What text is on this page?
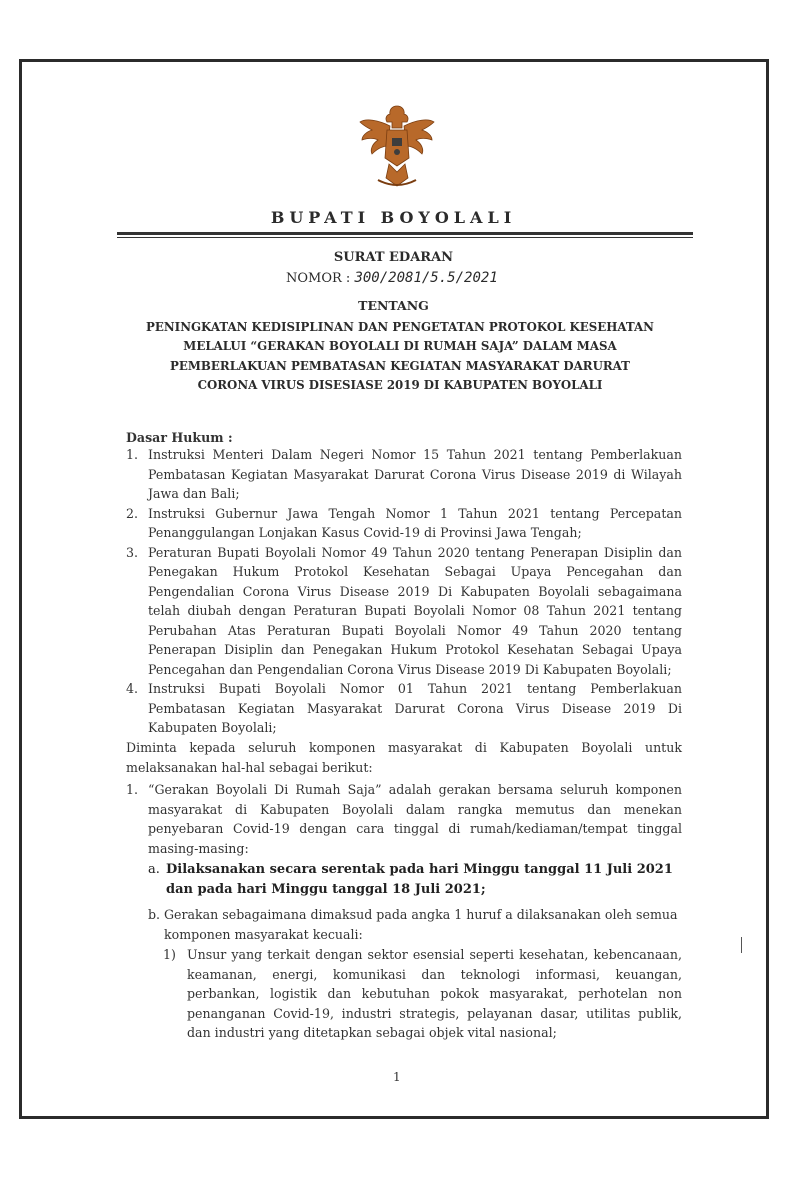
BUPATI BOYOLALI
SURAT EDARAN
NOMOR : 300/2081/5.5/2021
TENTANG
PENINGKATAN KEDISIPLINAN DAN PENGETATAN PROTOKOL KESEHATAN
MELALUI “GERAKAN BOYOLALI DI RUMAH SAJA” DALAM MASA
PEMBERLAKUAN PEMBATASAN KEGIATAN MASYARAKAT DARURAT
CORONA VIRUS DISESIASE 2019 DI KABUPATEN BOYOLALI
Dasar Hukum :
1. Instruksi Menteri Dalam Negeri Nomor 15 Tahun 2021 tentang Pemberlakuan Pembatasan Kegiatan Masyarakat Darurat Corona Virus Disease 2019 di Wilayah Jawa dan Bali;
2. Instruksi Gubernur Jawa Tengah Nomor 1 Tahun 2021 tentang Percepatan Penanggulangan Lonjakan Kasus Covid-19 di Provinsi Jawa Tengah;
3. Peraturan Bupati Boyolali Nomor 49 Tahun 2020 tentang Penerapan Disiplin dan Penegakan Hukum Protokol Kesehatan Sebagai Upaya Pencegahan dan Pengendalian Corona Virus Disease 2019 Di Kabupaten Boyolali sebagaimana telah diubah dengan Peraturan Bupati Boyolali Nomor 08 Tahun 2021 tentang Perubahan Atas Peraturan Bupati Boyolali Nomor 49 Tahun 2020 tentang Penerapan Disiplin dan Penegakan Hukum Protokol Kesehatan Sebagai Upaya Pencegahan dan Pengendalian Corona Virus Disease 2019 Di Kabupaten Boyolali;
4. Instruksi Bupati Boyolali Nomor 01 Tahun 2021 tentang Pemberlakuan Pembatasan Kegiatan Masyarakat Darurat Corona Virus Disease 2019 Di Kabupaten Boyolali;
Diminta kepada seluruh komponen masyarakat di Kabupaten Boyolali untuk melaksanakan hal-hal sebagai berikut:
1. “Gerakan Boyolali Di Rumah Saja” adalah gerakan bersama seluruh komponen masyarakat di Kabupaten Boyolali dalam rangka memutus dan menekan penyebaran Covid-19 dengan cara tinggal di rumah/kediaman/tempat tinggal masing-masing:
a. Dilaksanakan secara serentak pada hari Minggu tanggal 11 Juli 2021 dan pada hari Minggu tanggal 18 Juli 2021;
b. Gerakan sebagaimana dimaksud pada angka 1 huruf a dilaksanakan oleh semua komponen masyarakat kecuali:
1) Unsur yang terkait dengan sektor esensial seperti kesehatan, kebencanaan, keamanan, energi, komunikasi dan teknologi informasi, keuangan, perbankan, logistik dan kebutuhan pokok masyarakat, perhotelan non penanganan Covid-19, industri strategis, pelayanan dasar, utilitas publik, dan industri yang ditetapkan sebagai objek vital nasional;
1
